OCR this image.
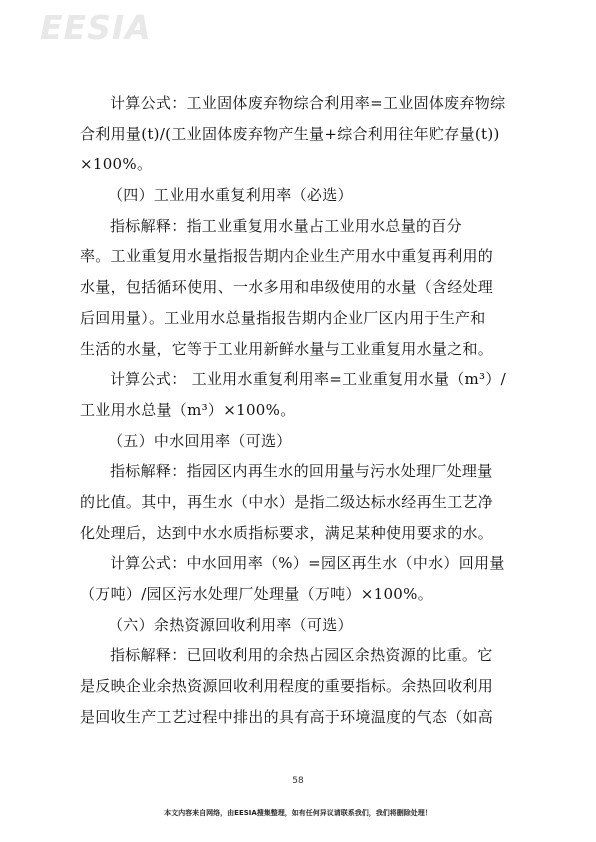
EESIA
计算公式：工业固体废弃物综合利用率=工业固体废弃物综
合利用量(t)/(工业固体废弃物产生量+综合利用往年贮存量(t))
×100%。
（四）工业用水重复利用率（必选）
指标解释：指工业重复用水量占工业用水总量的百分
率。工业重复用水量指报告期内企业生产用水中重复再利用的
水量，包括循环使用、一水多用和串级使用的水量（含经处理
后回用量）。工业用水总量指报告期内企业厂区内用于生产和
生活的水量，它等于工业用新鲜水量与工业重复用水量之和。
计算公式： 工业用水重复利用率=工业重复用水量（m³）/
工业用水总量（m³）×100%。
（五）中水回用率（可选）
指标解释：指园区内再生水的回用量与污水处理厂处理量
的比值。其中，再生水（中水）是指二级达标水经再生工艺净
化处理后，达到中水水质指标要求，满足某种使用要求的水。
计算公式：中水回用率（%）=园区再生水（中水）回用量
（万吨）/园区污水处理厂处理量（万吨）×100%。
（六）余热资源回收利用率（可选）
指标解释：已回收利用的余热占园区余热资源的比重。它
是反映企业余热资源回收利用程度的重要指标。余热回收利用
是回收生产工艺过程中排出的具有高于环境温度的气态（如高
58
本文内容来自网络，由EESIA搜集整理，如有任何异议请联系我们，我们将删除处理！
